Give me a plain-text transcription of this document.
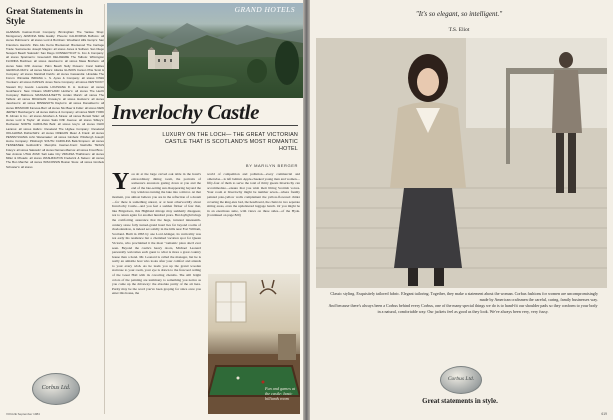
Great Statements in Style
ALABAMA Castner-Knott Company: Birmingham The Yankee Shop: Montgomery ARIZONA Millie Eaddy: Phoenix CALIFORNIA Buffums: all stores Robinson's: all stores Lord & Burnham: Woodland Hills Gump's: San Francisco Harold's: Palo Alto Kerns Brentwood: Brentwood The Carriage Trade: Sacramento Joseph Magnin: all stores Jones & Sullivan: San Diego Newport Beach Sakowitz: San Diego CONNECTICUT G. Fox & Company: all stores Spielman's: Greenwich DELAWARE The Talbots: Wilmington FLORIDA Burdines: all stores Jacobson's: all stores Maas Brothers: all stores Saks Fifth Avenue: Palm Beach Nelly Flowers: Coral Gables GEORGIA Rich's: all stores Muse's: Atlanta ILLINOIS Carson Pirie Scott & Company: all stores Marshall Field's: all stores Cassandra: Hinsdale The Forum: Winnetka INDIANA L. S. Ayres & Company: all stores IOWA Younkers: all stores KANSAS Jones Store Company: all stores KENTUCKY Stewart Dry Goods: Louisville LOUISIANA D. H. Holmes: all stores Godchaux's: New Orleans MARYLAND Hutzler's: all stores The Hecht Company: Baltimore MASSACHUSETTS Jordan Marsh: all stores The Talbots: all stores MICHIGAN Crowley's: all stores Hudson's: all stores Jacobson's: all stores MINNESOTA Dayton's: all stores Donaldson's: all stores MISSOURI Famous-Barr: all stores Stix Baer & Fuller: all stores NEW JERSEY Bamberger's: all stores Hahne & Company: all stores NEW YORK B. Altman & Co.: all stores Abraham & Straus: all stores Bonwit Teller: all stores Lord & Taylor: all stores Saks Fifth Avenue: all stores Sibley's: Rochester NORTH CAROLINA Belk: all stores Ivey's: all stores OHIO Lazarus: all stores Halle's: Cleveland The Higbee Company: Cleveland OKLAHOMA Rothschild's: all stores OREGON Meier & Frank: all stores PENNSYLVANIA John Wanamaker: all stores Gimbels: Pittsburgh Joseph Horne Company: Pittsburgh SOUTH CAROLINA Belk-Simpson: all stores TENNESSEE Goldsmith's: Memphis Castner-Knott: Nashville TEXAS Foley's: all stores Sakowitz: all stores Neiman-Marcus: all stores Frost Bros.: San Antonio UTAH ZCMI: Salt Lake City VIRGINIA Thalhimers: all stores Miller & Rhoads: all stores WASHINGTON Frederick & Nelson: all stores The Bon Marché: all stores WISCONSIN Boston Store: all stores Gimbels Schuster's: all stores
Corbus Ltd.
GRAND HOTELS
Inverlochy Castle
LUXURY ON THE LOCH— THE GREAT VICTORIAN CASTLE THAT IS SCOTLAND'S MOST ROMANTIC HOTEL
BY MARILYN BERGER
You sit at the large carved oak table in the hotel's extraordinary dining room, the portraits of someone's ancestors gazing down at you and the end of the late-setting sun disappearing beyond the bay windows turning the lake into a mirror. At that moment, you almost believe you are in the reflection of a dream—for there is something unreal, or at least otherworldly about Inverlochy Castle—and you feel a sudden flicker of fear that, like Brigadoon, this Highland mirage may suddenly disappear, not to return again for another hundred years. But daylight brings the comforting assurance that the huge, turreted nineteenth-century stone folly turned-grand hotel lies far beyond rooms of rhododendron, is indeed set solidly in the hills near Fort William, Scotland. Built in 1863 by one Lord Abinger, its verticality was not early his residence but a cherished vacation spot for Queen Victoria, who proclaimed it the most "romantic place she'd ever seen. Beyond the castle's heavy doors, Michael Leonard personally welcomes each guest to what is more a great country house than a hotel. Mr. Leonard is called the manager, but he is really an amiable host who looks after your comfort and attends to your every wish. As he leads you up the grand wooden staircase to your room, your eye is drawn to the frescoed ceiling of the Great Hall with its cavorting cherubs. The still bright colors of the painting are testimony to something you notice as you come up the driveway: the absolute purity of the air here. Purity may be the word you've been groping for since once you enter this house, the
world of competition and pollution—every commercial and otherwise—is left behind. Apple-cheeked young men and women—fifty-four of them to serve the total of thirty guests Inverlochy can accommodate—ensure that you wish their lilting Scottish voices. Your room at Inverlochy might be number seven—where freshly painted pale-yellow walls complement the yellow-flowered chintz covering the king-size bed, the headboard, the chairs in two separate sitting areas, even the upholstered luggage bench. Or you might be in an enormous suite, with views on three sides—of the Hyde. (Continued on page 820)
Fun and games at the castle: basic billiards room
VOGUE September 1984
"It's so elegant, so intelligent."
T.S. Eliot
Classic styling. Exquisitely tailored fabric. Elegant tailoring. Together, they make a statement about the woman. Corbus fashions for women are uncompromisingly made by American craftsmen the careful, caring, family businesses way.
And because there's always been a Corbus behind every Corbus, one of the many special things we do is to hand-fit our shoulder pads so they conform to your body in a natural, comfortable way. Our jackets feel as good as they look. We've always been very, very fussy.
Corbus Ltd.
Great statements in style.
619
